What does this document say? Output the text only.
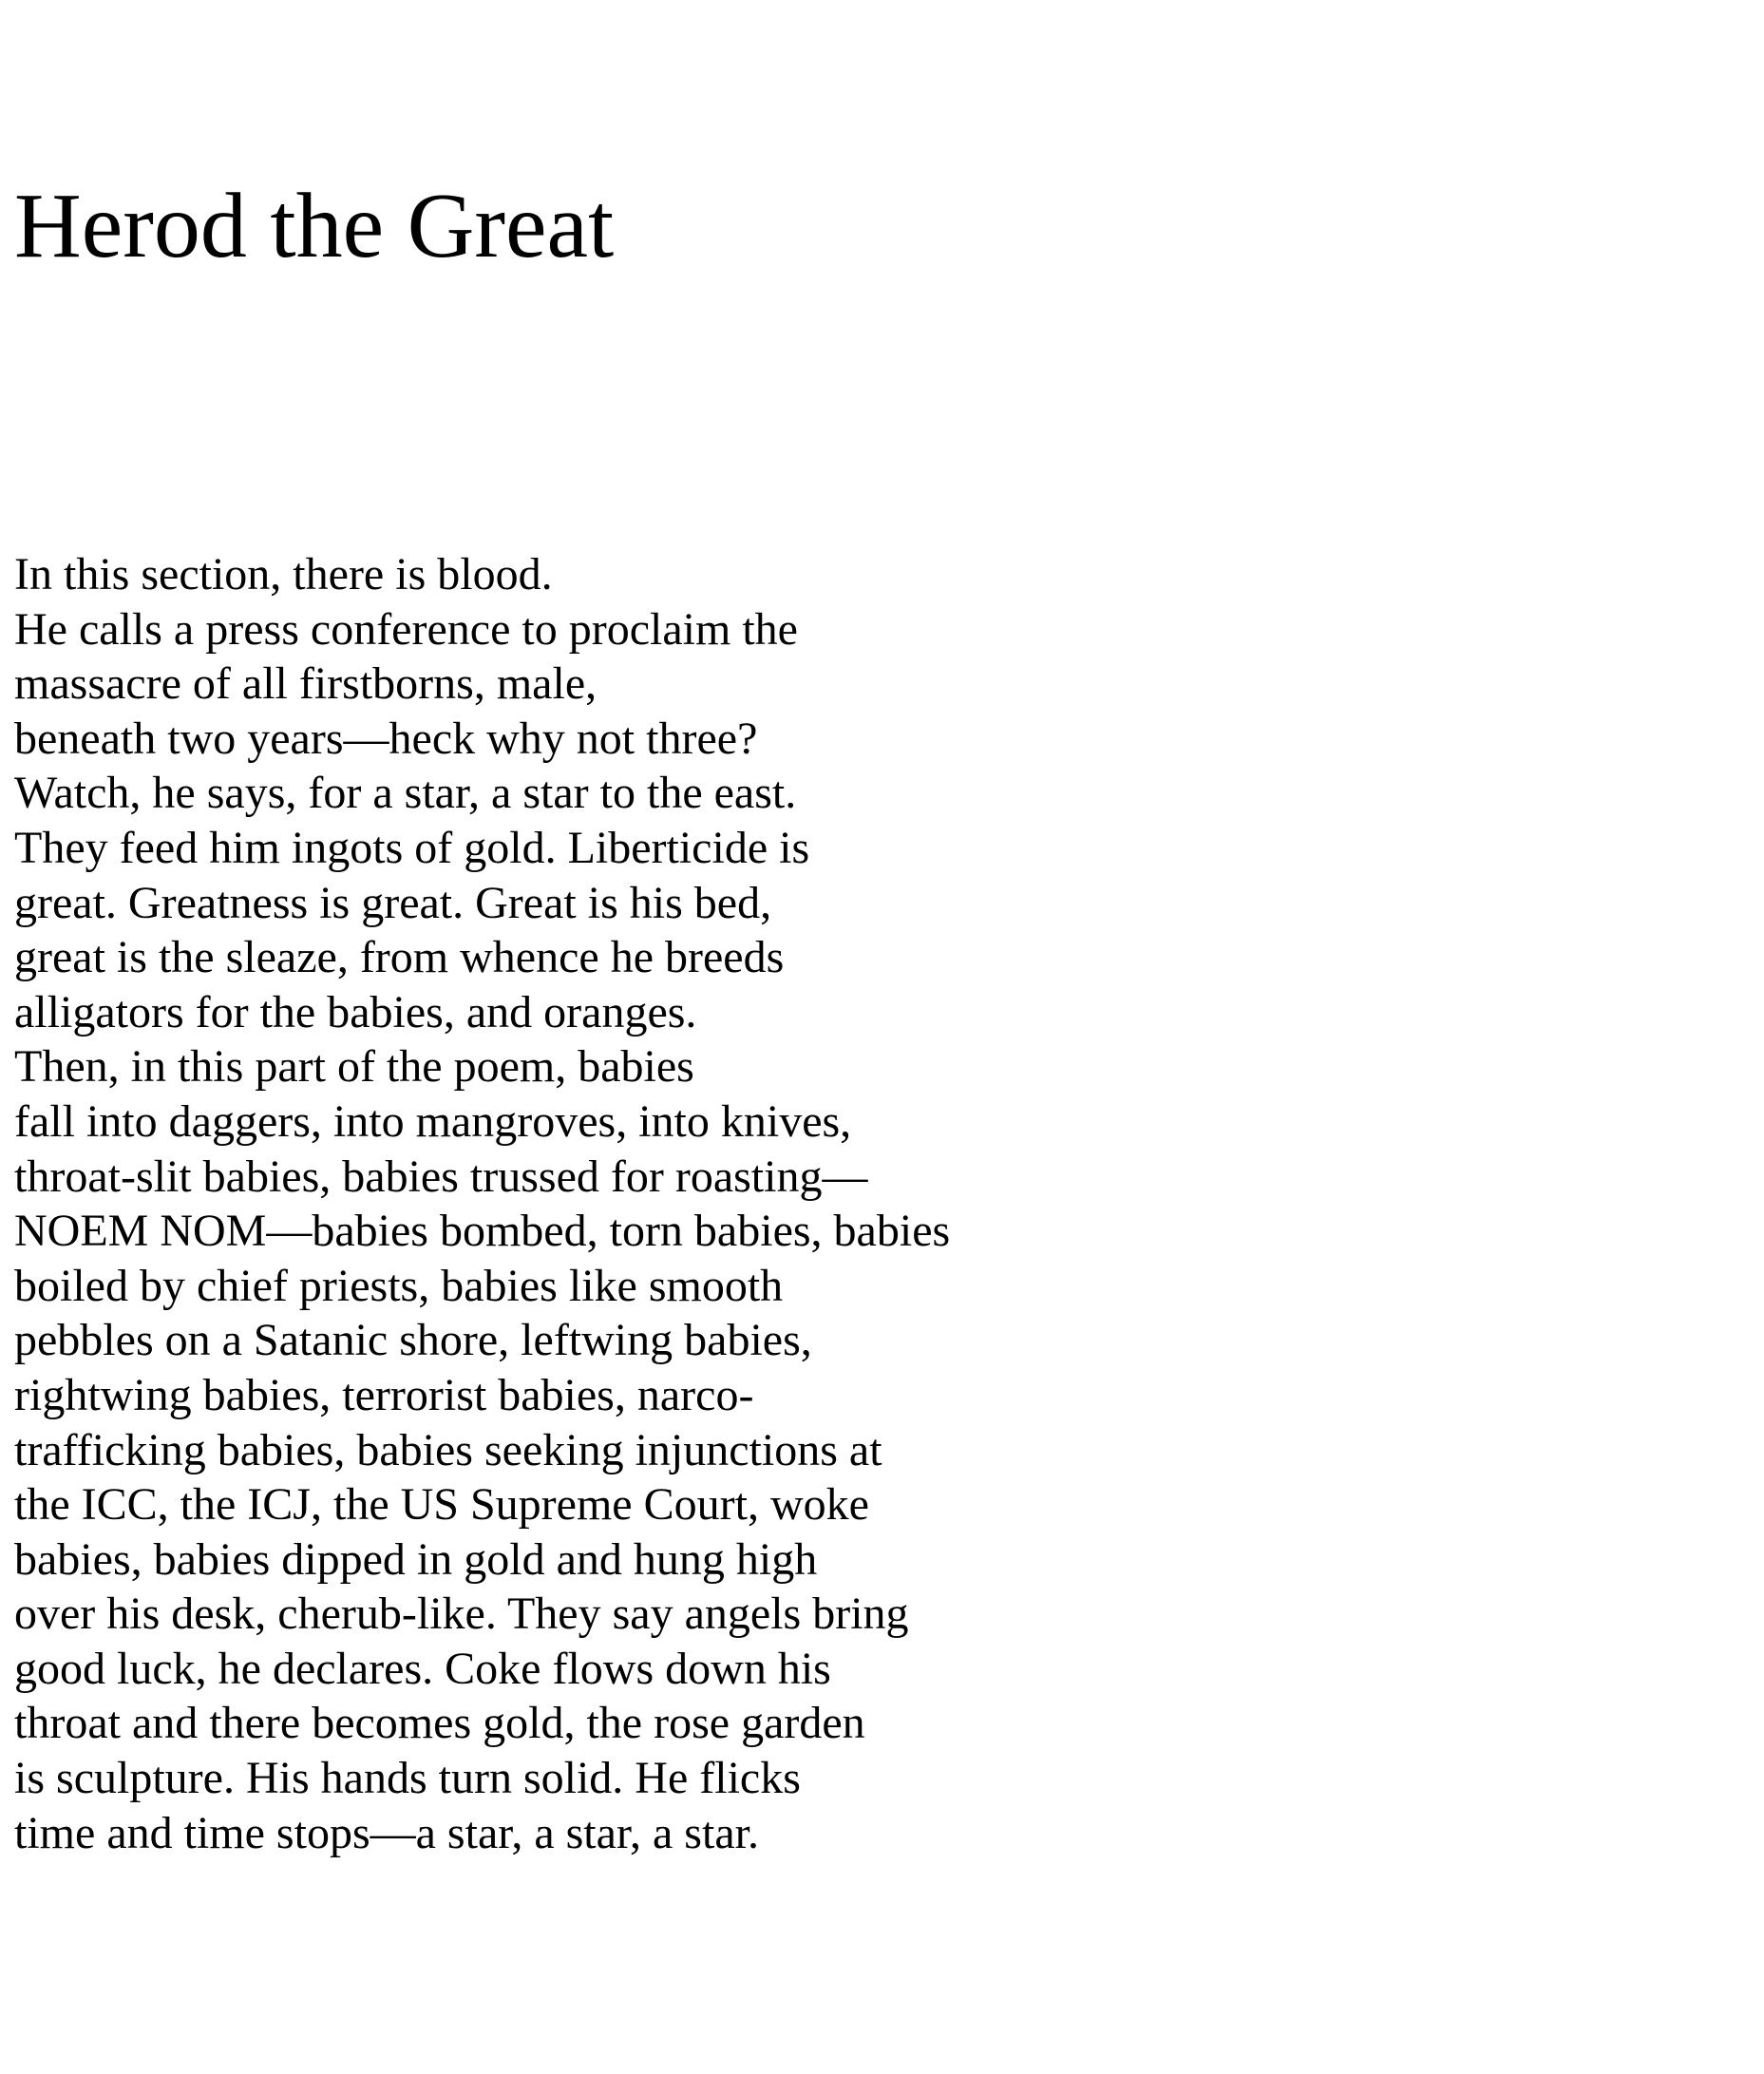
Herod the Great
In this section, there is blood.
He calls a press conference to proclaim the
massacre of all firstborns, male,
beneath two years—heck why not three?
Watch, he says, for a star, a star to the east.
They feed him ingots of gold. Liberticide is
great. Greatness is great. Great is his bed,
great is the sleaze, from whence he breeds
alligators for the babies, and oranges.
Then, in this part of the poem, babies
fall into daggers, into mangroves, into knives,
throat-slit babies, babies trussed for roasting—
NOEM NOM—babies bombed, torn babies, babies
boiled by chief priests, babies like smooth
pebbles on a Satanic shore, leftwing babies,
rightwing babies, terrorist babies, narco-
trafficking babies, babies seeking injunctions at
the ICC, the ICJ, the US Supreme Court, woke
babies, babies dipped in gold and hung high
over his desk, cherub-like. They say angels bring
good luck, he declares. Coke flows down his
throat and there becomes gold, the rose garden
is sculpture. His hands turn solid. He flicks
time and time stops—a star, a star, a star.
